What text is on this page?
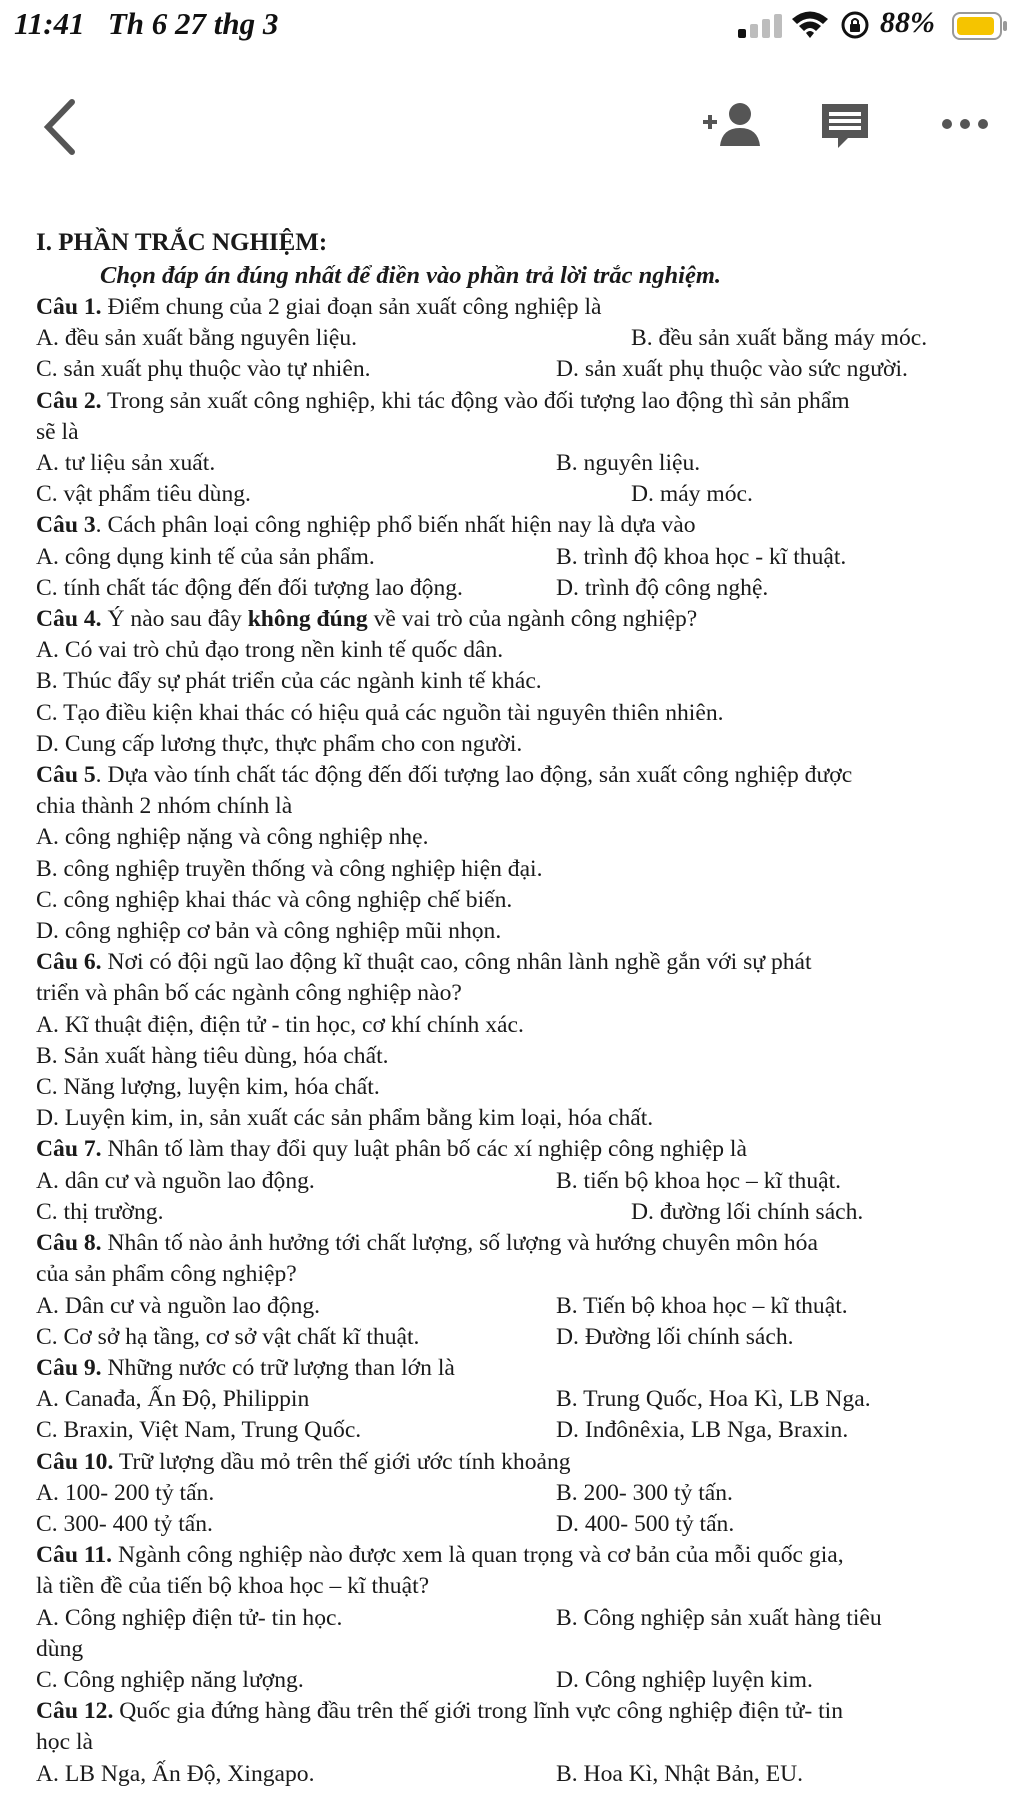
11:41 Th 6 27 thg 3	88%

I. PHẦN TRẮC NGHIỆM:

Chọn đáp án đúng nhất để điền vào phần trả lời trắc nghiệm.

Câu 1. Điểm chung của 2 giai đoạn sản xuất công nghiệp là

A. đều sản xuất bằng nguyên liệu.	B. đều sản xuất bằng máy móc.
C. sản xuất phụ thuộc vào tự nhiên.	D. sản xuất phụ thuộc vào sức người.

Câu 2. Trong sản xuất công nghiệp, khi tác động vào đối tượng lao động thì sản phẩm

sẽ là

A. tư liệu sản xuất.	B. nguyên liệu.
C. vật phẩm tiêu dùng.	D. máy móc.

Câu 3. Cách phân loại công nghiệp phổ biến nhất hiện nay là dựa vào

A. công dụng kinh tế của sản phẩm.	B. trình độ khoa học - kĩ thuật.
C. tính chất tác động đến đối tượng lao động.	D. trình độ công nghệ.

Câu 4. Ý nào sau đây không đúng về vai trò của ngành công nghiệp?

A. Có vai trò chủ đạo trong nền kinh tế quốc dân.

B. Thúc đẩy sự phát triển của các ngành kinh tế khác.

C. Tạo điều kiện khai thác có hiệu quả các nguồn tài nguyên thiên nhiên.

D. Cung cấp lương thực, thực phẩm cho con người.

Câu 5. Dựa vào tính chất tác động đến đối tượng lao động, sản xuất công nghiệp được

chia thành 2 nhóm chính là

A. công nghiệp nặng và công nghiệp nhẹ.

B. công nghiệp truyền thống và công nghiệp hiện đại.

C. công nghiệp khai thác và công nghiệp chế biến.

D. công nghiệp cơ bản và công nghiệp mũi nhọn.

Câu 6. Nơi có đội ngũ lao động kĩ thuật cao, công nhân lành nghề gắn với sự phát

triển và phân bố các ngành công nghiệp nào?

A. Kĩ thuật điện, điện tử - tin học, cơ khí chính xác.

B. Sản xuất hàng tiêu dùng, hóa chất.

C. Năng lượng, luyện kim, hóa chất.

D. Luyện kim, in, sản xuất các sản phẩm bằng kim loại, hóa chất.

Câu 7. Nhân tố làm thay đổi quy luật phân bố các xí nghiệp công nghiệp là

A. dân cư và nguồn lao động.	B. tiến bộ khoa học – kĩ thuật.
C. thị trường.	D. đường lối chính sách.

Câu 8. Nhân tố nào ảnh hưởng tới chất lượng, số lượng và hướng chuyên môn hóa

của sản phẩm công nghiệp?

A. Dân cư và nguồn lao động.	B. Tiến bộ khoa học – kĩ thuật.
C. Cơ sở hạ tầng, cơ sở vật chất kĩ thuật.	D. Đường lối chính sách.

Câu 9. Những nước có trữ lượng than lớn là

A. Canađa, Ấn Độ, Philippin	B. Trung Quốc, Hoa Kì, LB Nga.
C. Braxin, Việt Nam, Trung Quốc.	D. Inđônêxia, LB Nga, Braxin.

Câu 10. Trữ lượng dầu mỏ trên thế giới ước tính khoảng

A. 100- 200 tỷ tấn.	B. 200- 300 tỷ tấn.
C. 300- 400 tỷ tấn.	D. 400- 500 tỷ tấn.

Câu 11. Ngành công nghiệp nào được xem là quan trọng và cơ bản của mỗi quốc gia,

là tiền đề của tiến bộ khoa học – kĩ thuật?

A. Công nghiệp điện tử- tin học.	B. Công nghiệp sản xuất hàng tiêu

dùng

C. Công nghiệp năng lượng.	D. Công nghiệp luyện kim.

Câu 12. Quốc gia đứng hàng đầu trên thế giới trong lĩnh vực công nghiệp điện tử- tin

học là

A. LB Nga, Ấn Độ, Xingapo.	B. Hoa Kì, Nhật Bản, EU.
